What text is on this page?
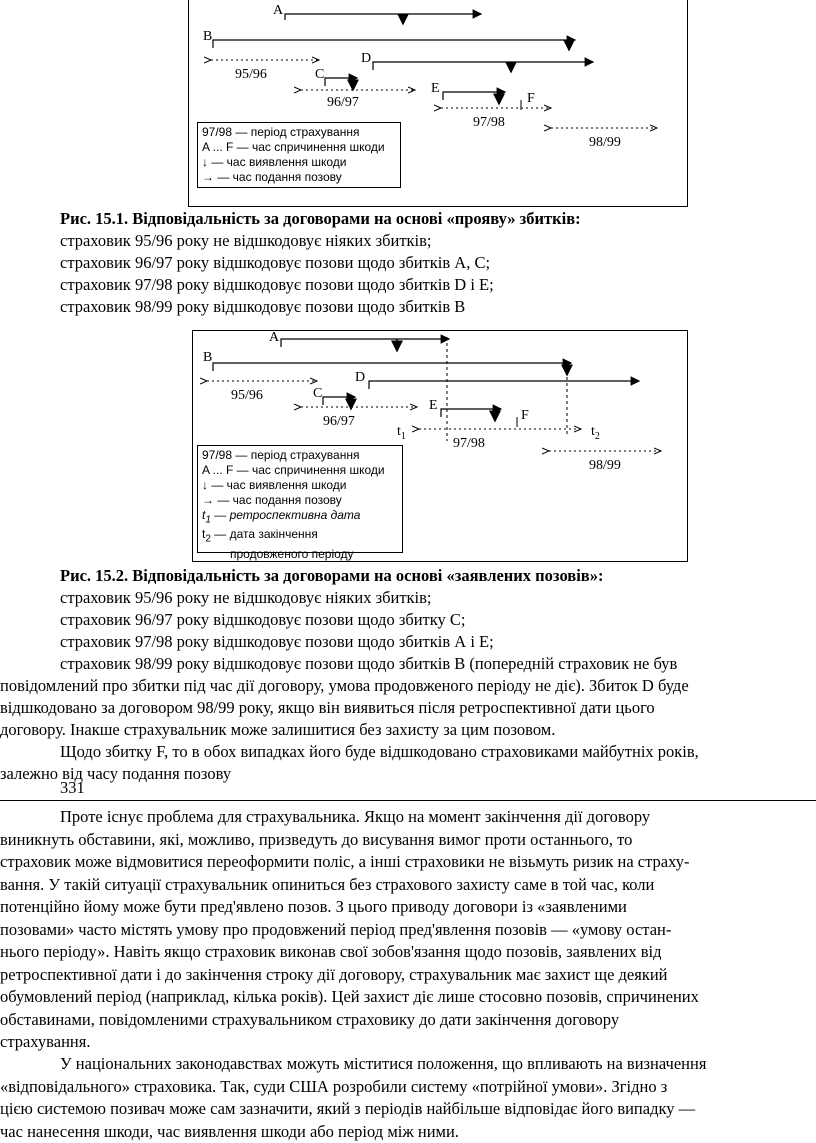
A
B
95/96
D
C
96/97
E
F
97/98
98/99
97/98 — період страхування
A ... F — час спричинення шкоди
↓ — час виявлення шкоди
→ — час подання позову
Рис. 15.1. Відповідальність за договорами на основі «прояву» збитків:
страховик 95/96 року не відшкодовує ніяких збитків;
страховик 96/97 року відшкодовує позови щодо збитків А, С;
страховик 97/98 року відшкодовує позови щодо збитків D і Е;
страховик 98/99 року відшкодовує позови щодо збитків В
A
B
95/96
D
C
96/97
E
F
$t_1$	$t_2$
97/98
98/99
97/98 — період страхування
A ... F — час спричинення шкоди
↓ — час виявлення шкоди
→ — час подання позову
$t_1$ — ретроспективна дата
$t_2$ — дата закінчення
продовженого періоду
Рис. 15.2. Відповідальність за договорами на основі «заявлених позовів»:
страховик 95/96 року не відшкодовує ніяких збитків;
страховик 96/97 року відшкодовує позови щодо збитку С;
страховик 97/98 року відшкодовує позови щодо збитків А і Е;
страховик 98/99 року відшкодовує позови щодо збитків В (попередній страховик не був
повідомлений про збитки під час дії договору, умова продовженого періоду не діє). Збиток D буде
відшкодовано за договором 98/99 року, якщо він виявиться після ретроспективної дати цього
договору. Інакше страхувальник може залишитися без захисту за цим позовом.
Щодо збитку F, то в обох випадках його буде відшкодовано страховиками майбутніх років,
залежно від часу подання позову
331
Проте існує проблема для страхувальника. Якщо на момент закінчення дії договору
виникнуть обставини, які, можливо, призведуть до висування вимог проти останнього, то
страховик може відмовитися переоформити поліс, а інші страховики не візьмуть ризик на страху-
вання. У такій ситуації страхувальник опиниться без страхового захисту саме в той час, коли
потенційно йому може бути пред'явлено позов. З цього приводу договори із «заявленими
позовами» часто містять умову про продовжений період пред'явлення позовів — «умову остан-
нього періоду». Навіть якщо страховик виконав свої зобов'язання щодо позовів, заявлених від
ретроспективної дати і до закінчення строку дії договору, страхувальник має захист ще деякий
обумовлений період (наприклад, кілька років). Цей захист діє лише стосовно позовів, спричинених
обставинами, повідомленими страхувальником страховику до дати закінчення договору
страхування.
У національних законодавствах можуть міститися положення, що впливають на визначення
«відповідального» страховика. Так, суди США розробили систему «потрійної умови». Згідно з
цією системою позивач може сам зазначити, який з періодів найбільше відповідає його випадку —
час нанесення шкоди, час виявлення шкоди або період між ними.
